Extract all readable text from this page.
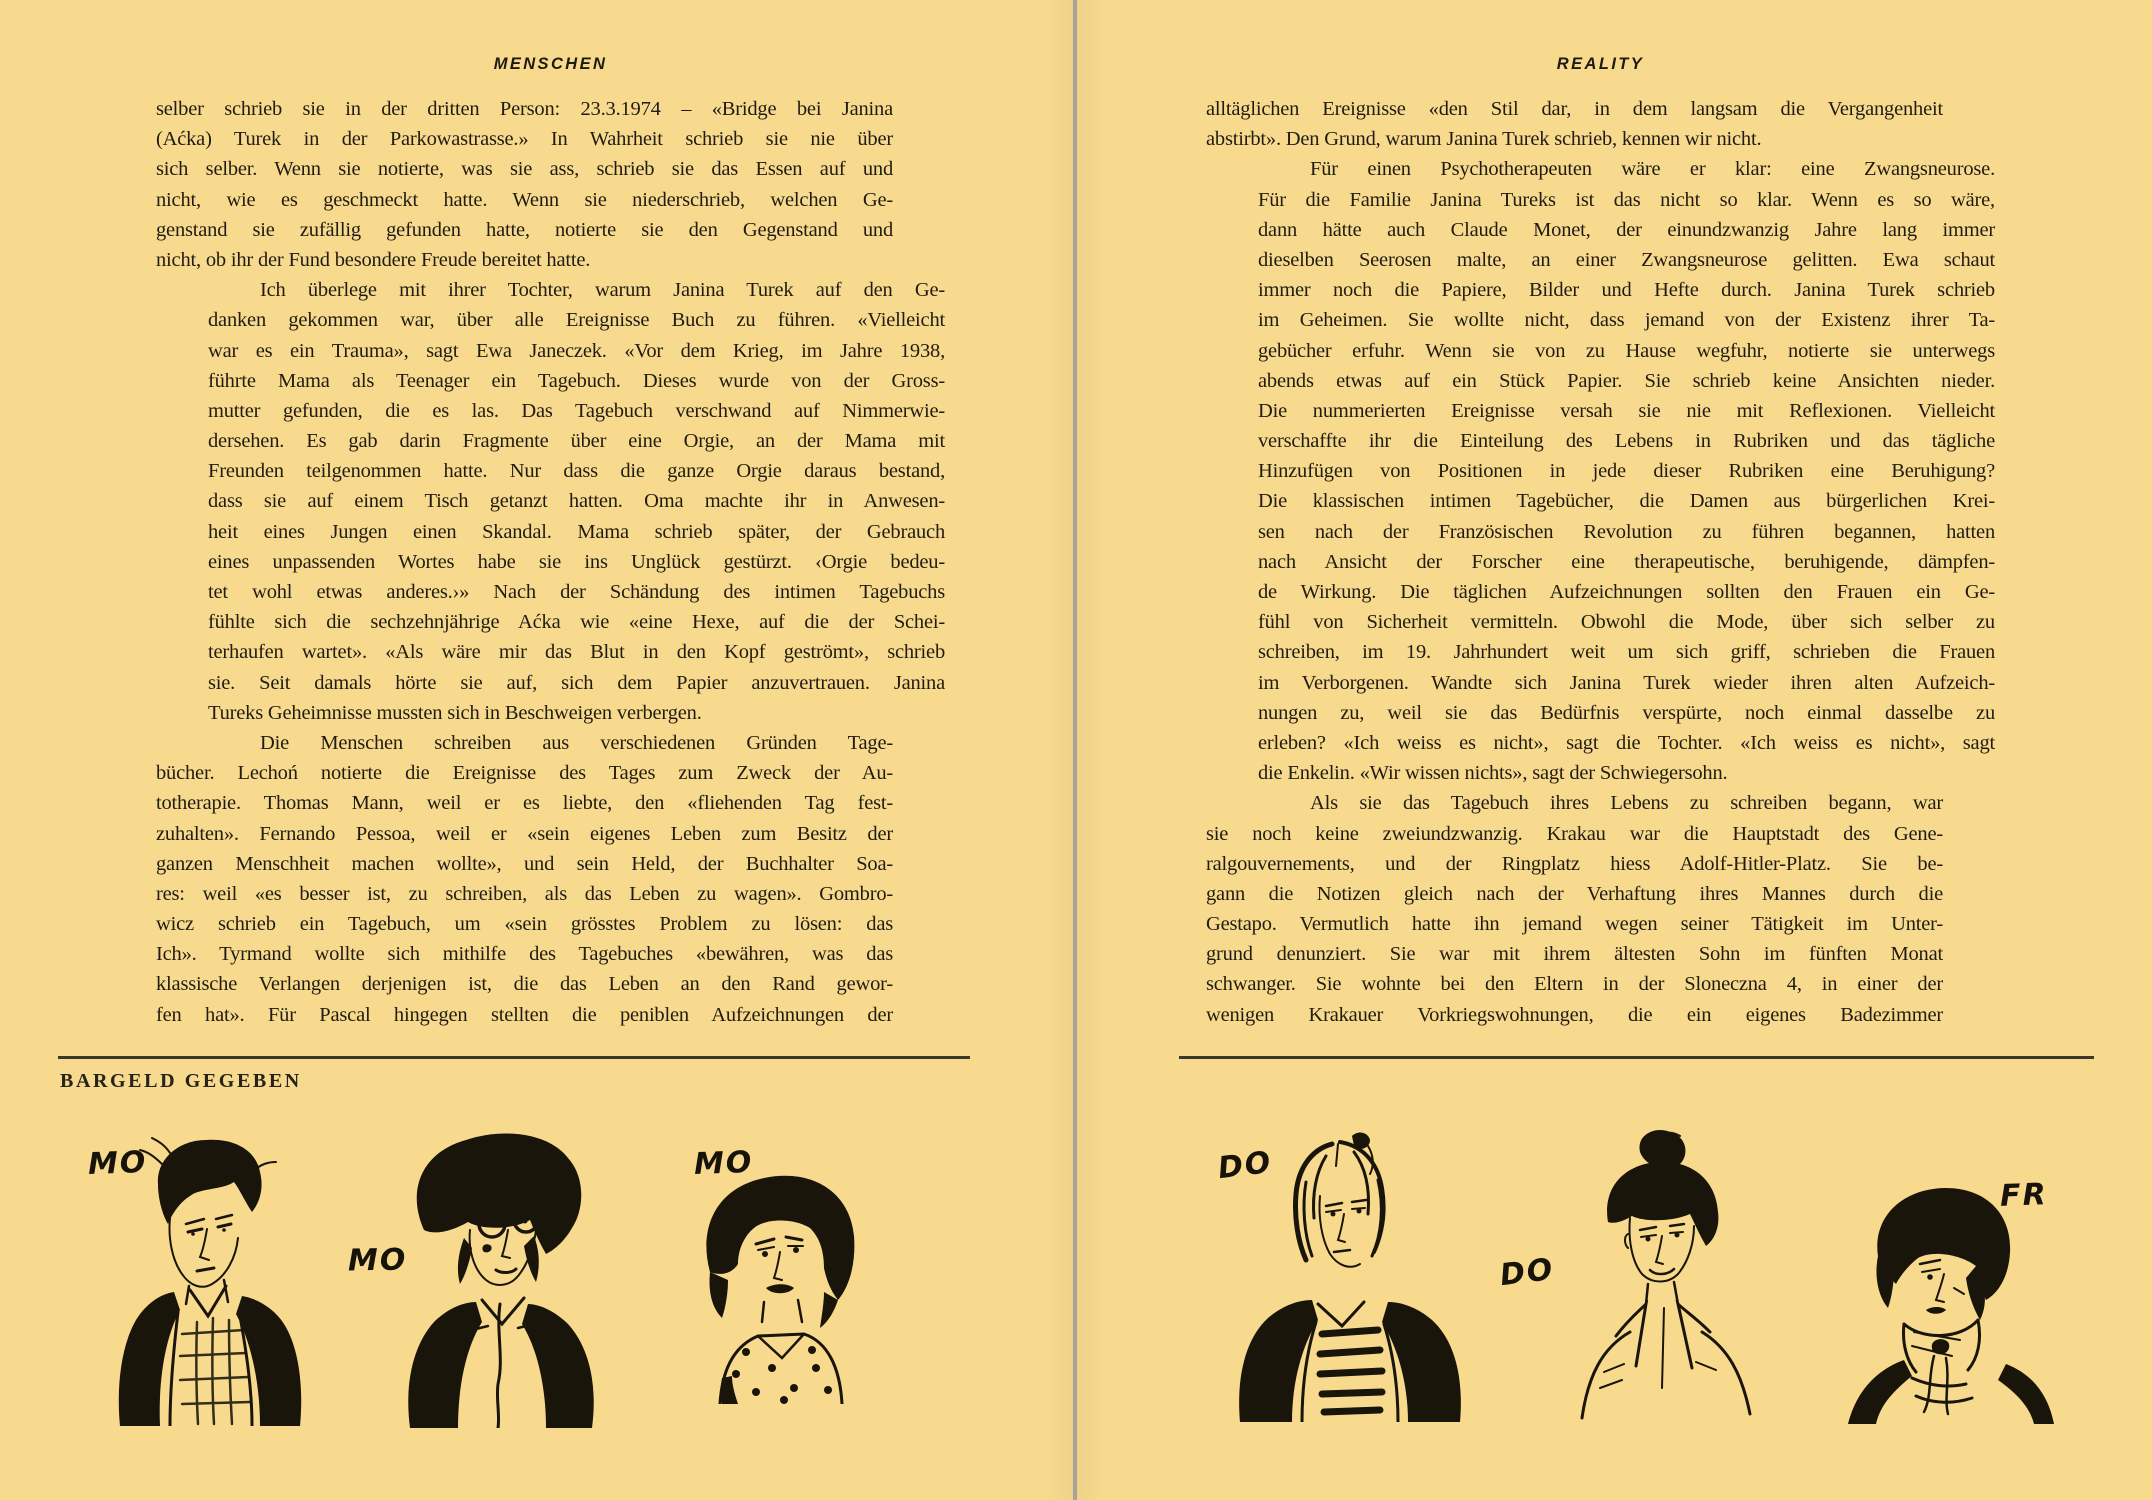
MENSCHEN
selber schrieb sie in der dritten Person: 23.3.1974 – «Bridge bei Janina
(Aćka) Turek in der Parkowastrasse.» In Wahrheit schrieb sie nie über
sich selber. Wenn sie notierte, was sie ass, schrieb sie das Essen auf und
nicht, wie es geschmeckt hatte. Wenn sie niederschrieb, welchen Ge-
genstand sie zufällig gefunden hatte, notierte sie den Gegenstand und
nicht, ob ihr der Fund besondere Freude bereitet hatte.
Ich überlege mit ihrer Tochter, warum Janina Turek auf den Ge-
danken gekommen war, über alle Ereignisse Buch zu führen. «Vielleicht
war es ein Trauma», sagt Ewa Janeczek. «Vor dem Krieg, im Jahre 1938,
führte Mama als Teenager ein Tagebuch. Dieses wurde von der Gross-
mutter gefunden, die es las. Das Tagebuch verschwand auf Nimmerwie-
dersehen. Es gab darin Fragmente über eine Orgie, an der Mama mit
Freunden teilgenommen hatte. Nur dass die ganze Orgie daraus bestand,
dass sie auf einem Tisch getanzt hatten. Oma machte ihr in Anwesen-
heit eines Jungen einen Skandal. Mama schrieb später, der Gebrauch
eines unpassenden Wortes habe sie ins Unglück gestürzt. ‹Orgie bedeu-
tet wohl etwas anderes.›» Nach der Schändung des intimen Tagebuchs
fühlte sich die sechzehnjährige Aćka wie «eine Hexe, auf die der Schei-
terhaufen wartet». «Als wäre mir das Blut in den Kopf geströmt», schrieb
sie. Seit damals hörte sie auf, sich dem Papier anzuvertrauen. Janina
Tureks Geheimnisse mussten sich in Beschweigen verbergen.
Die Menschen schreiben aus verschiedenen Gründen Tage-
bücher. Lechoń notierte die Ereignisse des Tages zum Zweck der Au-
totherapie. Thomas Mann, weil er es liebte, den «fliehenden Tag fest-
zuhalten». Fernando Pessoa, weil er «sein eigenes Leben zum Besitz der
ganzen Menschheit machen wollte», und sein Held, der Buchhalter Soa-
res: weil «es besser ist, zu schreiben, als das Leben zu wagen». Gombro-
wicz schrieb ein Tagebuch, um «sein grösstes Problem zu lösen: das
Ich». Tyrmand wollte sich mithilfe des Tagebuches «bewähren, was das
klassische Verlangen derjenigen ist, die das Leben an den Rand gewor-
fen hat». Für Pascal hingegen stellten die peniblen Aufzeichnungen der
BARGELD GEGEBEN
MO
MO
MO
REALITY
alltäglichen Ereignisse «den Stil dar, in dem langsam die Vergangenheit
abstirbt». Den Grund, warum Janina Turek schrieb, kennen wir nicht.
Für einen Psychotherapeuten wäre er klar: eine Zwangsneurose.
Für die Familie Janina Tureks ist das nicht so klar. Wenn es so wäre,
dann hätte auch Claude Monet, der einundzwanzig Jahre lang immer
dieselben Seerosen malte, an einer Zwangsneurose gelitten. Ewa schaut
immer noch die Papiere, Bilder und Hefte durch. Janina Turek schrieb
im Geheimen. Sie wollte nicht, dass jemand von der Existenz ihrer Ta-
gebücher erfuhr. Wenn sie von zu Hause wegfuhr, notierte sie unterwegs
abends etwas auf ein Stück Papier. Sie schrieb keine Ansichten nieder.
Die nummerierten Ereignisse versah sie nie mit Reflexionen. Vielleicht
verschaffte ihr die Einteilung des Lebens in Rubriken und das tägliche
Hinzufügen von Positionen in jede dieser Rubriken eine Beruhigung?
Die klassischen intimen Tagebücher, die Damen aus bürgerlichen Krei-
sen nach der Französischen Revolution zu führen begannen, hatten
nach Ansicht der Forscher eine therapeutische, beruhigende, dämpfen-
de Wirkung. Die täglichen Aufzeichnungen sollten den Frauen ein Ge-
fühl von Sicherheit vermitteln. Obwohl die Mode, über sich selber zu
schreiben, im 19. Jahrhundert weit um sich griff, schrieben die Frauen
im Verborgenen. Wandte sich Janina Turek wieder ihren alten Aufzeich-
nungen zu, weil sie das Bedürfnis verspürte, noch einmal dasselbe zu
erleben? «Ich weiss es nicht», sagt die Tochter. «Ich weiss es nicht», sagt
die Enkelin. «Wir wissen nichts», sagt der Schwiegersohn.
Als sie das Tagebuch ihres Lebens zu schreiben begann, war
sie noch keine zweiundzwanzig. Krakau war die Hauptstadt des Gene-
ralgouvernements, und der Ringplatz hiess Adolf-Hitler-Platz. Sie be-
gann die Notizen gleich nach der Verhaftung ihres Mannes durch die
Gestapo. Vermutlich hatte ihn jemand wegen seiner Tätigkeit im Unter-
grund denunziert. Sie war mit ihrem ältesten Sohn im fünften Monat
schwanger. Sie wohnte bei den Eltern in der Sloneczna 4, in einer der
wenigen Krakauer Vorkriegswohnungen, die ein eigenes Badezimmer
DO
DO
FR
